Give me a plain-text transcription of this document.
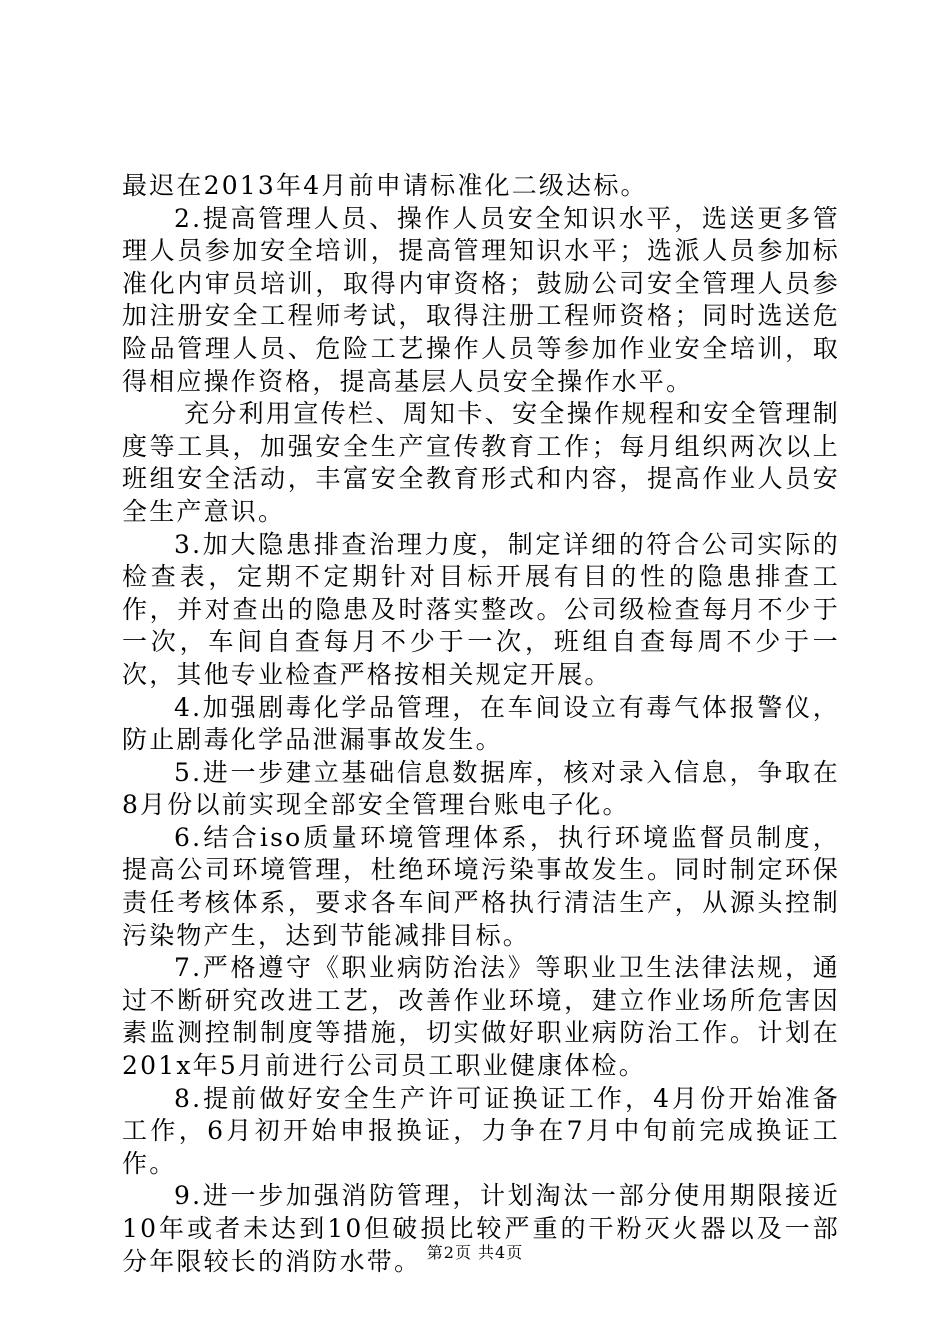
最迟在2013年4月前申请标准化二级达标。

2.提高管理人员、操作人员安全知识水平，选送更多管理人员参加安全培训，提高管理知识水平；选派人员参加标准化内审员培训，取得内审资格；鼓励公司安全管理人员参加注册安全工程师考试，取得注册工程师资格；同时选送危险品管理人员、危险工艺操作人员等参加作业安全培训，取得相应操作资格，提高基层人员安全操作水平。

充分利用宣传栏、周知卡、安全操作规程和安全管理制度等工具，加强安全生产宣传教育工作；每月组织两次以上班组安全活动，丰富安全教育形式和内容，提高作业人员安全生产意识。

3.加大隐患排查治理力度，制定详细的符合公司实际的检查表，定期不定期针对目标开展有目的性的隐患排查工作，并对查出的隐患及时落实整改。公司级检查每月不少于一次，车间自查每月不少于一次，班组自查每周不少于一次，其他专业检查严格按相关规定开展。

4.加强剧毒化学品管理，在车间设立有毒气体报警仪，防止剧毒化学品泄漏事故发生。

5.进一步建立基础信息数据库，核对录入信息，争取在8月份以前实现全部安全管理台账电子化。

6.结合iso质量环境管理体系，执行环境监督员制度，提高公司环境管理，杜绝环境污染事故发生。同时制定环保责任考核体系，要求各车间严格执行清洁生产，从源头控制污染物产生，达到节能减排目标。

7.严格遵守《职业病防治法》等职业卫生法律法规，通过不断研究改进工艺，改善作业环境，建立作业场所危害因素监测控制制度等措施，切实做好职业病防治工作。计划在201x年5月前进行公司员工职业健康体检。

8.提前做好安全生产许可证换证工作，4月份开始准备工作，6月初开始申报换证，力争在7月中旬前完成换证工作。

9.进一步加强消防管理，计划淘汰一部分使用期限接近10年或者未达到10但破损比较严重的干粉灭火器以及一部分年限较长的消防水带。 第2页 共4页
